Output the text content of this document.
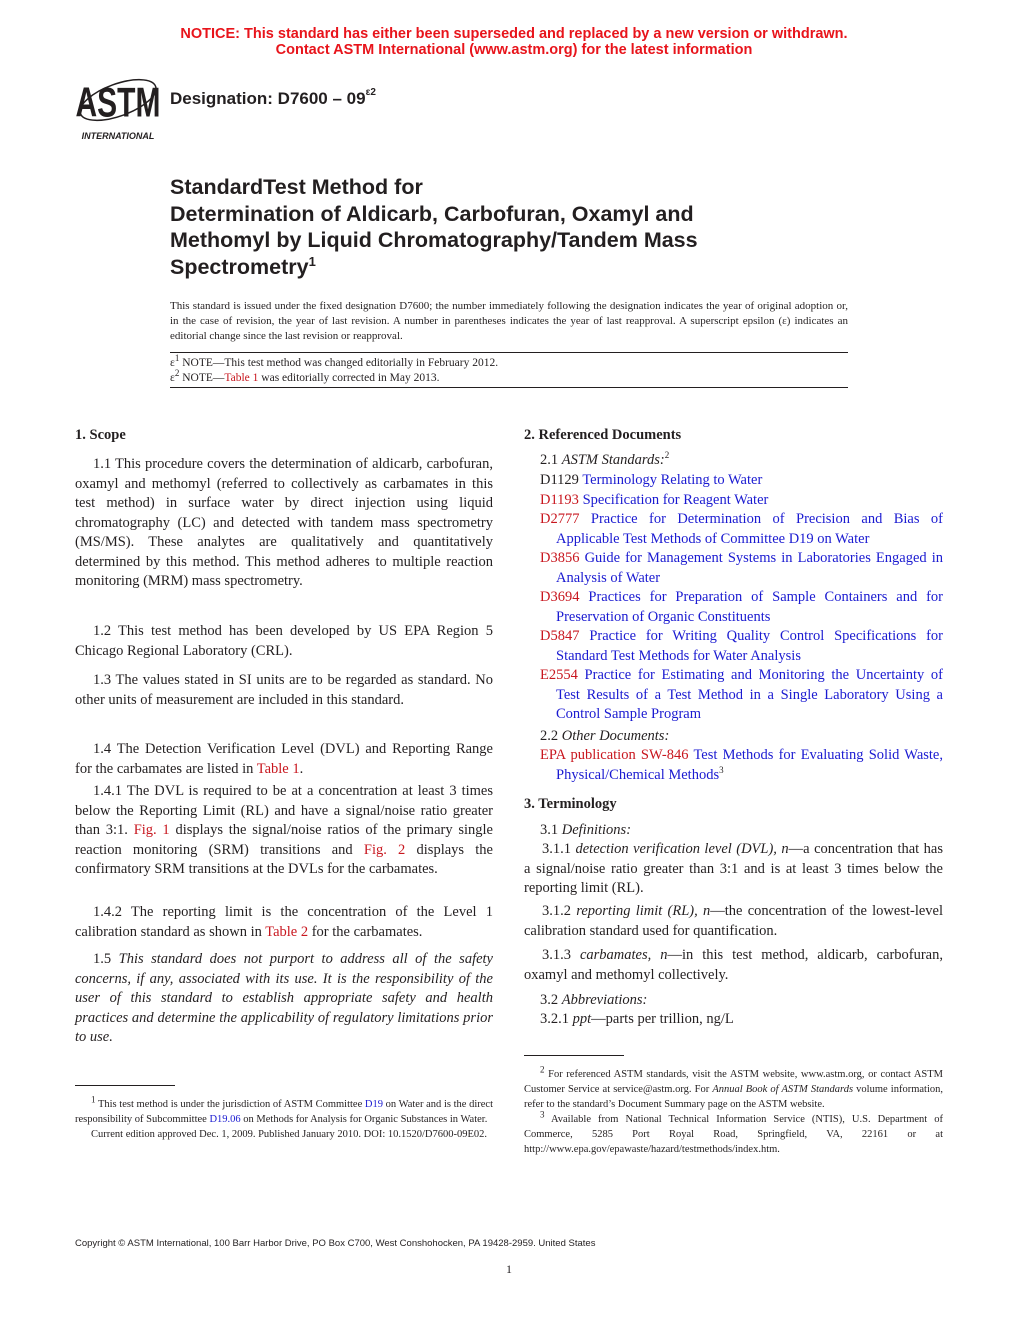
NOTICE: This standard has either been superseded and replaced by a new version or withdrawn.
Contact ASTM International (www.astm.org) for the latest information
ASTM
INTERNATIONAL
Designation: $D7600 - 09^{\varepsilon 2}$
StandardTest Method for
Determination of Aldicarb, Carbofuran, Oxamyl and
Methomyl by Liquid Chromatography/Tandem Mass
Spectrometry$^1$
This standard is issued under the fixed designation D7600; the number immediately following the designation indicates the year of original adoption or, in the case of revision, the year of last revision. A number in parentheses indicates the year of last reapproval. A superscript epsilon (ε) indicates an editorial change since the last revision or reapproval.
$\varepsilon^1$ NOTE—This test method was changed editorially in February 2012.
$\varepsilon^2$ NOTE—Table 1 was editorially corrected in May 2013.
1. Scope
1.1 This procedure covers the determination of aldicarb, carbofuran, oxamyl and methomyl (referred to collectively as carbamates in this test method) in surface water by direct injection using liquid chromatography (LC) and detected with tandem mass spectrometry (MS/MS). These analytes are qualitatively and quantitatively determined by this method. This method adheres to multiple reaction monitoring (MRM) mass spectrometry.
1.2 This test method has been developed by US EPA Region 5 Chicago Regional Laboratory (CRL).
1.3 The values stated in SI units are to be regarded as standard. No other units of measurement are included in this standard.
1.4 The Detection Verification Level (DVL) and Reporting Range for the carbamates are listed in Table 1.
1.4.1 The DVL is required to be at a concentration at least 3 times below the Reporting Limit (RL) and have a signal/noise ratio greater than 3:1. Fig. 1 displays the signal/noise ratios of the primary single reaction monitoring (SRM) transitions and Fig. 2 displays the confirmatory SRM transitions at the DVLs for the carbamates.
1.4.2 The reporting limit is the concentration of the Level 1 calibration standard as shown in Table 2 for the carbamates.
1.5 This standard does not purport to address all of the safety concerns, if any, associated with its use. It is the responsibility of the user of this standard to establish appropriate safety and health practices and determine the applicability of regulatory limitations prior to use.
$^1$ This test method is under the jurisdiction of ASTM Committee D19 on Water and is the direct responsibility of Subcommittee D19.06 on Methods for Analysis for Organic Substances in Water.
Current edition approved Dec. 1, 2009. Published January 2010. DOI: 10.1520/D7600-09E02.
2. Referenced Documents
2.1 ASTM Standards:$^2$
D1129 Terminology Relating to Water
D1193 Specification for Reagent Water
D2777 Practice for Determination of Precision and Bias of Applicable Test Methods of Committee D19 on Water
D3856 Guide for Management Systems in Laboratories Engaged in Analysis of Water
D3694 Practices for Preparation of Sample Containers and for Preservation of Organic Constituents
D5847 Practice for Writing Quality Control Specifications for Standard Test Methods for Water Analysis
E2554 Practice for Estimating and Monitoring the Uncertainty of Test Results of a Test Method in a Single Laboratory Using a Control Sample Program
2.2 Other Documents:
EPA publication SW-846 Test Methods for Evaluating Solid Waste, Physical/Chemical Methods$^3$
3. Terminology
3.1 Definitions:
3.1.1 detection verification level (DVL), n—a concentration that has a signal/noise ratio greater than 3:1 and is at least 3 times below the reporting limit (RL).
3.1.2 reporting limit (RL), n—the concentration of the lowest-level calibration standard used for quantification.
3.1.3 carbamates, n—in this test method, aldicarb, carbofuran, oxamyl and methomyl collectively.
3.2 Abbreviations:
3.2.1 ppt—parts per trillion, ng/L
$^2$ For referenced ASTM standards, visit the ASTM website, www.astm.org, or contact ASTM Customer Service at service@astm.org. For Annual Book of ASTM Standards volume information, refer to the standard’s Document Summary page on the ASTM website.
$^3$ Available from National Technical Information Service (NTIS), U.S. Department of Commerce, 5285 Port Royal Road, Springfield, VA, 22161 or at http://www.epa.gov/epawaste/hazard/testmethods/index.htm.
Copyright © ASTM International, 100 Barr Harbor Drive, PO Box C700, West Conshohocken, PA 19428-2959. United States
1
